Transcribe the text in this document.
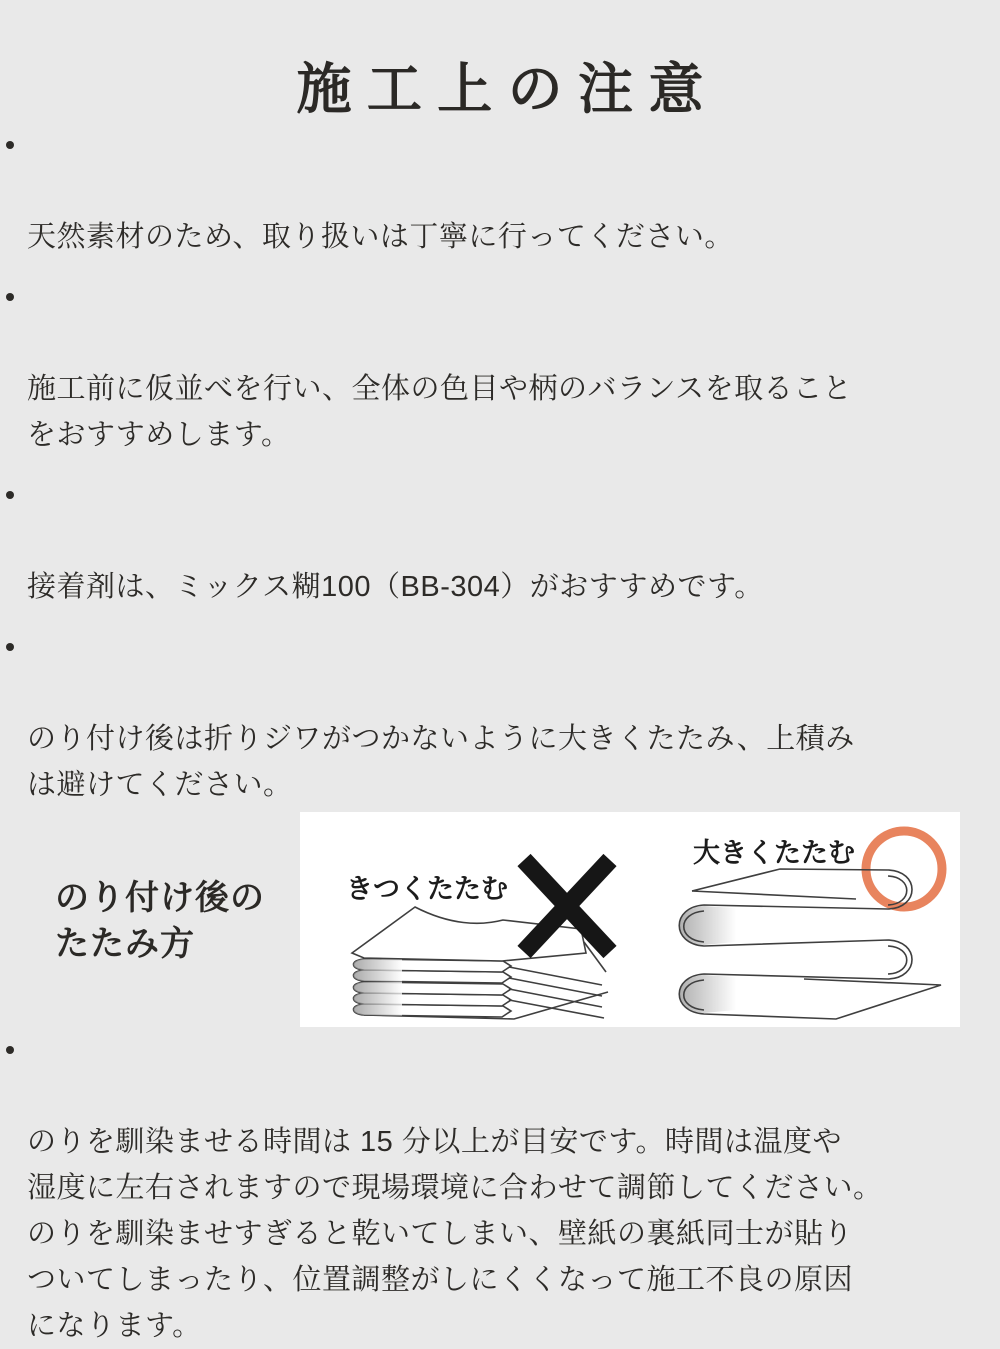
施工上の注意

天然素材のため、取り扱いは丁寧に行ってください。

施工前に仮並べを行い、全体の色目や柄のバランスを取ること
をおすすめします。

接着剤は、ミックス糊100（BB-304）がおすすめです。

のり付け後は折りジワがつかないように大きくたたみ、上積み
は避けてください。

のり付け後の
たたみ方
きつくたたむ
大きくたたむ

のりを馴染ませる時間は 15 分以上が目安です。時間は温度や
湿度に左右されますので現場環境に合わせて調節してください。
のりを馴染ませすぎると乾いてしまい、壁紙の裏紙同士が貼り
ついてしまったり、位置調整がしにくくなって施工不良の原因
になります。
